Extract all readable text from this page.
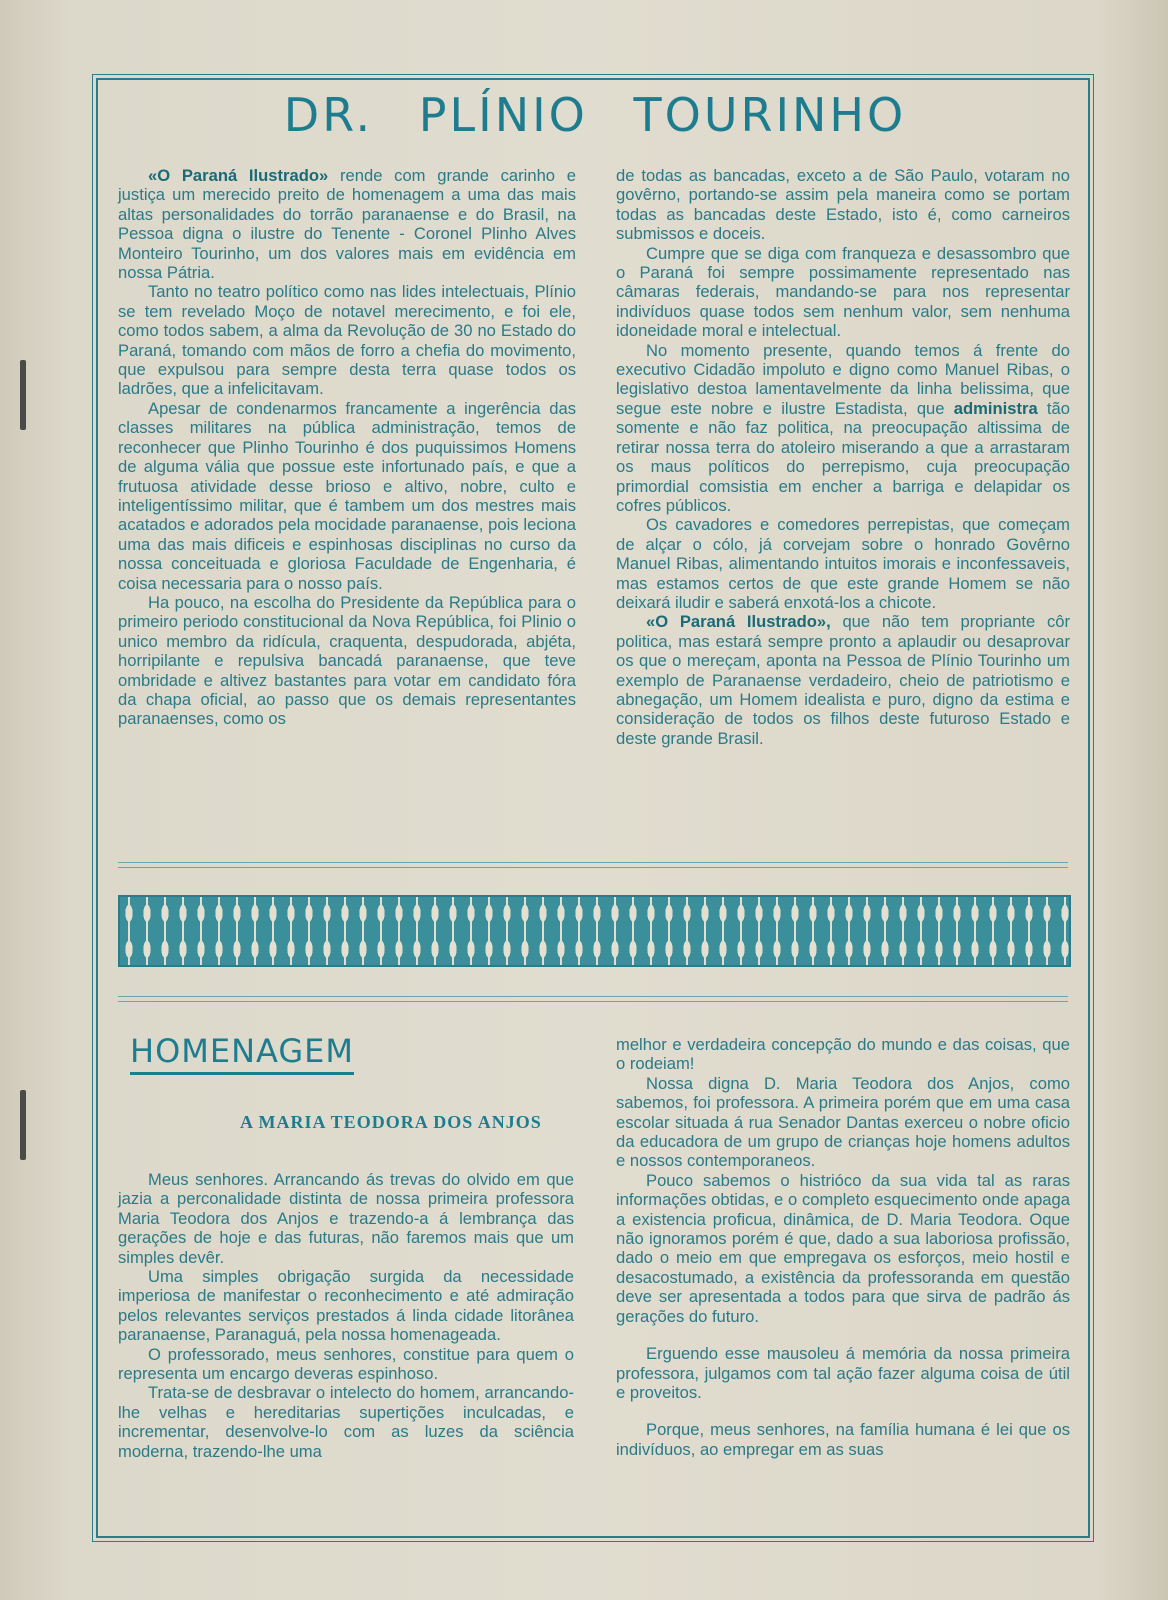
DR. PLÍNIO TOURINHO

«O Paraná Ilustrado» rende com grande carinho e justiça um merecido preito de homenagem a uma das mais altas personalidades do torrão paranaense e do Brasil, na Pessoa digna o ilustre do Tenente - Coronel Plinho Alves Monteiro Tourinho, um dos valores mais em evidência em nossa Pátria.

Tanto no teatro político como nas lides intelectuais, Plínio se tem revelado Moço de notavel merecimento, e foi ele, como todos sabem, a alma da Revolução de 30 no Estado do Paraná, tomando com mãos de forro a chefia do movimento, que expulsou para sempre desta terra quase todos os ladrões, que a infelicitavam.

Apesar de condenarmos francamente a ingerência das classes militares na pública administração, temos de reconhecer que Plinho Tourinho é dos puquissimos Homens de alguma vália que possue este infortunado país, e que a frutuosa atividade desse brioso e altivo, nobre, culto e inteligentíssimo militar, que é tambem um dos mestres mais acatados e adorados pela mocidade paranaense, pois leciona uma das mais dificeis e espinhosas disciplinas no curso da nossa conceituada e gloriosa Faculdade de Engenharia, é coisa necessaria para o nosso país.

Ha pouco, na escolha do Presidente da República para o primeiro periodo constitucional da Nova República, foi Plinio o unico membro da ridícula, craquenta, despudorada, abjéta, horripilante e repulsiva bancadá paranaense, que teve ombridade e altivez bastantes para votar em candidato fóra da chapa oficial, ao passo que os demais representantes paranaenses, como os

de todas as bancadas, exceto a de São Paulo, votaram no govêrno, portando-se assim pela maneira como se portam todas as bancadas deste Estado, isto é, como carneiros submissos e doceis.

Cumpre que se diga com franqueza e desassombro que o Paraná foi sempre possimamente representado nas câmaras federais, mandando-se para nos representar indivíduos quase todos sem nenhum valor, sem nenhuma idoneidade moral e intelectual.

No momento presente, quando temos á frente do executivo Cidadão impoluto e digno como Manuel Ribas, o legislativo destoa lamentavelmente da linha belissima, que segue este nobre e ilustre Estadista, que administra tão somente e não faz politica, na preocupação altissima de retirar nossa terra do atoleiro miserando a que a arrastaram os maus políticos do perrepismo, cuja preocupação primordial comsistia em encher a barriga e delapidar os cofres públicos.

Os cavadores e comedores perrepistas, que começam de alçar o cólo, já corvejam sobre o honrado Govêrno Manuel Ribas, alimentando intuitos imorais e inconfessaveis, mas estamos certos de que este grande Homem se não deixará iludir e saberá enxotá-los a chicote.

«O Paraná Ilustrado», que não tem propriante côr politica, mas estará sempre pronto a aplaudir ou desaprovar os que o mereçam, aponta na Pessoa de Plínio Tourinho um exemplo de Paranaense verdadeiro, cheio de patriotismo e abnegação, um Homem idealista e puro, digno da estima e consideração de todos os filhos deste futuroso Estado e deste grande Brasil.

HOMENAGEM
A MARIA TEODORA DOS ANJOS

Meus senhores. Arrancando ás trevas do olvido em que jazia a perconalidade distinta de nossa primeira professora Maria Teodora dos Anjos e trazendo-a á lembrança das gerações de hoje e das futuras, não faremos mais que um simples devêr.

Uma simples obrigação surgida da necessidade imperiosa de manifestar o reconhecimento e até admiração pelos relevantes serviços prestados á linda cidade litorânea paranaense, Paranaguá, pela nossa homenageada.

O professorado, meus senhores, constitue para quem o representa um encargo deveras espinhoso.

Trata-se de desbravar o intelecto do homem, arrancando-lhe velhas e hereditarias supertições inculcadas, e incrementar, desenvolve-lo com as luzes da sciência moderna, trazendo-lhe uma

melhor e verdadeira concepção do mundo e das coisas, que o rodeiam!

Nossa digna D. Maria Teodora dos Anjos, como sabemos, foi professora. A primeira porém que em uma casa escolar situada á rua Senador Dantas exerceu o nobre oficio da educadora de um grupo de crianças hoje homens adultos e nossos contemporaneos.

Pouco sabemos o histrióco da sua vida tal as raras informações obtidas, e o completo esquecimento onde apaga a existencia proficua, dinâmica, de D. Maria Teodora. Oque não ignoramos porém é que, dado a sua laboriosa profissão, dado o meio em que empregava os esforços, meio hostil e desacostumado, a existência da professoranda em questão deve ser apresentada a todos para que sirva de padrão ás gerações do futuro.

Erguendo esse mausoleu á memória da nossa primeira professora, julgamos com tal ação fazer alguma coisa de útil e proveitos.

Porque, meus senhores, na família humana é lei que os indivíduos, ao empregar em as suas
